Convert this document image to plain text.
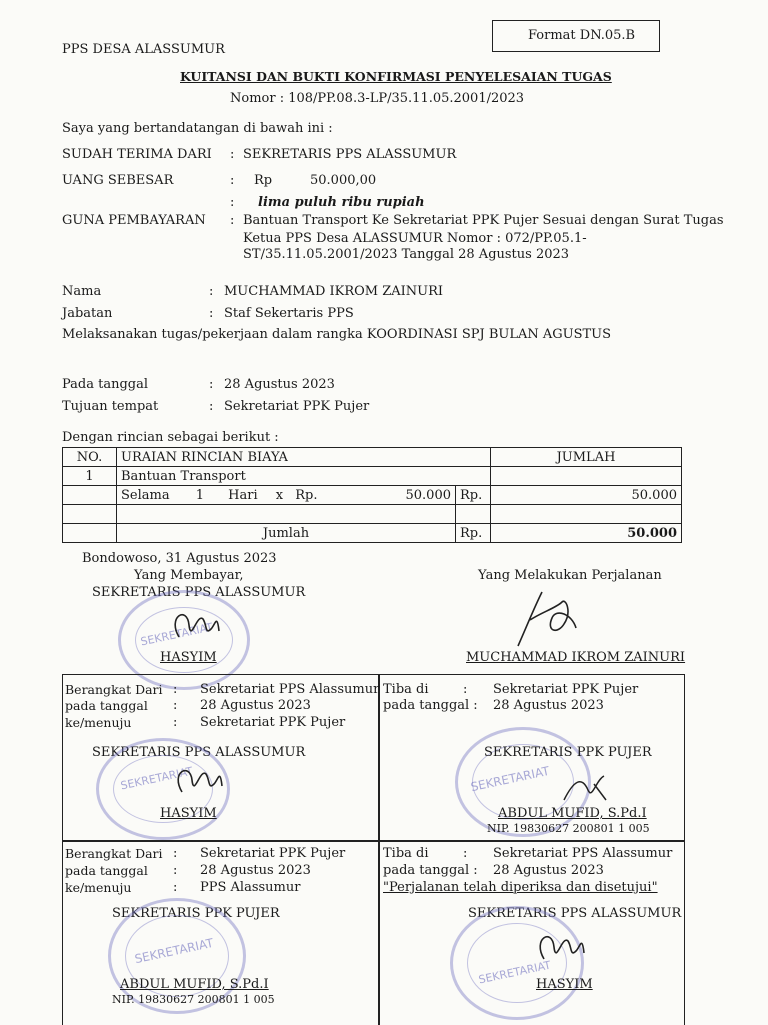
PPS DESA ALASSUMUR
Format DN.05.B
KUITANSI DAN BUKTI KONFIRMASI PENYELESAIAN TUGAS
Nomor : 108/PP.08.3-LP/35.11.05.2001/2023
Saya yang bertandatangan di bawah ini :
SUDAH TERIMA DARI : SEKRETARIS PPS ALASSUMUR
UANG SEBESAR	: Rp	50.000,00
: lima puluh ribu rupiah
GUNA PEMBAYARAN : Bantuan Transport Ke Sekretariat PPK Pujer Sesuai dengan Surat Tugas
Ketua PPS Desa ALASSUMUR Nomor : 072/PP.05.1-
ST/35.11.05.2001/2023 Tanggal 28 Agustus 2023
Nama	: MUCHAMMAD IKROM ZAINURI
Jabatan	: Staf Sekertaris PPS
Melaksanakan tugas/pekerjaan dalam rangka KOORDINASI SPJ BULAN AGUSTUS
Pada tanggal	: 28 Agustus 2023
Tujuan tempat	: Sekretariat PPK Pujer
Dengan rincian sebagai berikut :
NO.	URAIAN RINCIAN BIAYA		JUMLAH
1	Bantuan Transport		
	Selama 1 Hari x Rp. 50.000	Rp.	50.000

	Jumlah	Rp.	50.000
Bondowoso, 31 Agustus 2023
Yang Membayar,
SEKRETARIS PPS ALASSUMUR
SEKRETARIAT
HASYIM
Yang Melakukan Perjalanan
MUCHAMMAD IKROM ZAINURI
Berangkat Dari : Sekretariat PPS Alassumur
pada tanggal : 28 Agustus 2023
ke/menuju	: Sekretariat PPK Pujer
Tiba di	: Sekretariat PPK Pujer
pada tanggal : 28 Agustus 2023
SEKRETARIS PPS ALASSUMUR
SEKRETARIAT
HASYIM
SEKRETARIAT
SEKRETARIS PPK PUJER
ABDUL MUFID, S.Pd.I
NIP. 19830627 200801 1 005
Berangkat Dari : Sekretariat PPK Pujer
pada tanggal : 28 Agustus 2023
ke/menuju	: PPS Alassumur
Tiba di	: Sekretariat PPS Alassumur
pada tanggal : 28 Agustus 2023
"Perjalanan telah diperiksa dan disetujui"
SEKRETARIS PPK PUJER
SEKRETARIAT
ABDUL MUFID, S.Pd.I
NIP. 19830627 200801 1 005
SEKRETARIS PPS ALASSUMUR
SEKRETARIAT
HASYIM
